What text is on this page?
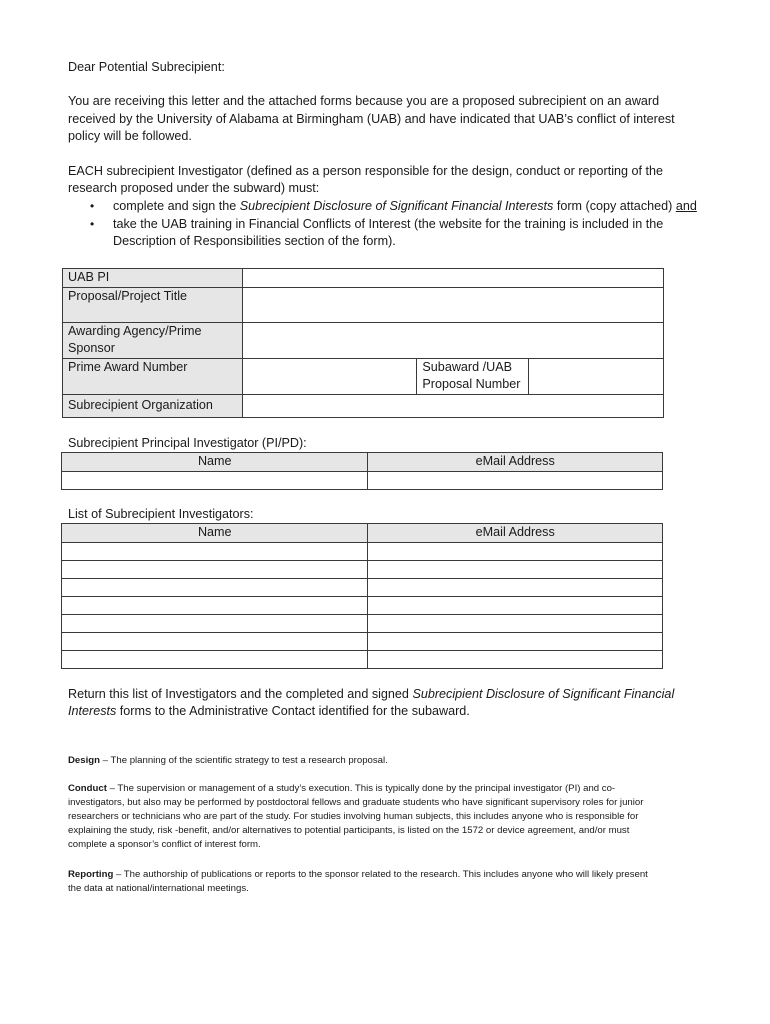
Dear Potential Subrecipient:
You are receiving this letter and the attached forms because you are a proposed subrecipient on an award
received by the University of Alabama at Birmingham (UAB) and have indicated that UAB’s conflict of interest
policy will be followed.
EACH subrecipient Investigator (defined as a person responsible for the design, conduct or reporting of the
research proposed under the subward) must:
• complete and sign the Subrecipient Disclosure of Significant Financial Interests form (copy attached) and
• take the UAB training in Financial Conflicts of Interest (the website for the training is included in the
Description of Responsibilities section of the form).
UAB PI			
Proposal/Project Title			

Awarding Agency/Prime
Sponsor			

Prime Award Number		Subaward /UAB
Proposal Number	

Subrecipient Organization			
Subrecipient Principal Investigator (PI/PD):
Name	eMail Address

List of Subrecipient Investigators:
Name	eMail Address

Return this list of Investigators and the completed and signed Subrecipient Disclosure of Significant Financial
Interests forms to the Administrative Contact identified for the subaward.
Design – The planning of the scientific strategy to test a research proposal.
Conduct – The supervision or management of a study’s execution. This is typically done by the principal investigator (PI) and co-
investigators, but also may be performed by postdoctoral fellows and graduate students who have significant supervisory roles for junior
researchers or technicians who are part of the study. For studies involving human subjects, this includes anyone who is responsible for
explaining the study, risk -benefit, and/or alternatives to potential participants, is listed on the 1572 or device agreement, and/or must
complete a sponsor’s conflict of interest form.
Reporting – The authorship of publications or reports to the sponsor related to the research. This includes anyone who will likely present
the data at national/international meetings.
